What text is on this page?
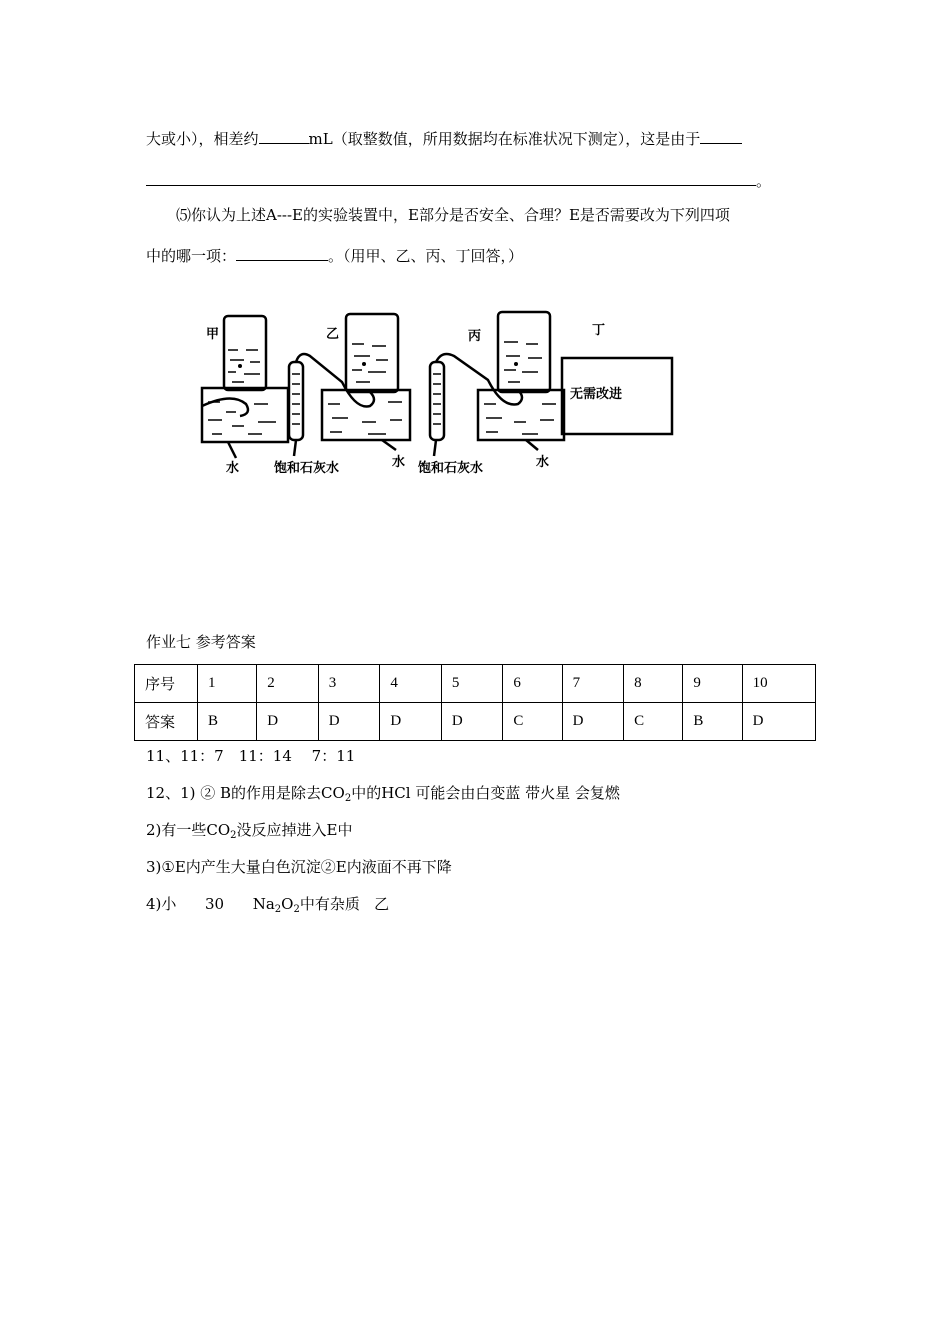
大或小），相差约	mL（取整数值，所用数据均在标准状况下测定），这是由于
。
⑸你认为上述A---E的实验装置中，E部分是否安全、合理？E是否需要改为下列四项
中的哪一项：	。（用甲、乙、丙、丁回答，）
甲	乙	丙	丁
水	饱和石灰水	水 饱和石灰水	水
无需改进
作业七 参考答案
序号	1	2	3	4	5	6	7	8	9	10
答案	B	D	D	D	D	C	D	C	B	D
11、11：7　11：14　 7：11
12、1) ② B的作用是除去$CO_2$中的HCl 可能会由白变蓝 带火星 会复燃
2)有一些$CO_2$没反应掉进入E中
3)①E内产生大量白色沉淀②E内液面不再下降
4)小      30      $Na_2O_2$中有杂质   乙
